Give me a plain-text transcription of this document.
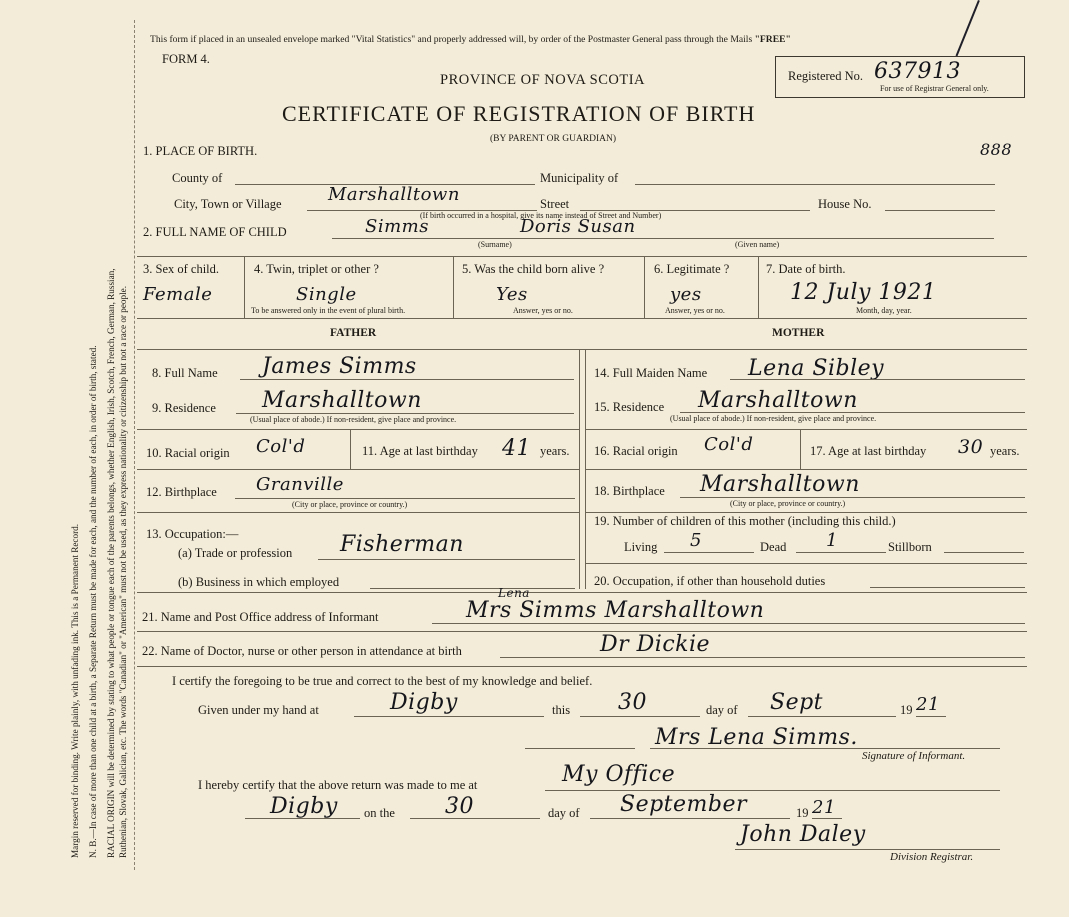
Margin reserved for binding. Write plainly, with unfading ink. This is a Permanent Record. N. B.—In case of more than one child at a birth, a Separate Return must be made for each, and the number of each, in order of birth, stated. RACIAL ORIGIN will be determined by stating to what people or tongue each of the parents belongs, whether English, Irish, Scotch, French, German, Russian, Ruthenian, Slovak, Galician, etc. The words "Canadian" or "American" must not be used, as they express nationality or citizenship but not a race or people.
This form if placed in an unsealed envelope marked "Vital Statistics" and properly addressed will, by order of the Postmaster General pass through the Mails "FREE"
FORM 4.
PROVINCE OF NOVA SCOTIA
CERTIFICATE OF REGISTRATION OF BIRTH
(BY PARENT OR GUARDIAN)
Registered No. 637913
For use of Registrar General only.
888
1. PLACE OF BIRTH.
County of	Municipality of
City, Town or Village	Marshalltown	Street
(If birth occurred in a hospital, give its name instead of Street and Number)
House No.
2. FULL NAME OF CHILD	Simms	Doris Susan
(Surname)	(Given name)
3. Sex of child.
Female
4. Twin, triplet or other ?
Single
To be answered only in the event of plural birth.
5. Was the child born alive ?
Yes
Answer, yes or no.
6. Legitimate ?
yes
Answer, yes or no.
7. Date of birth.
12 July 1921
Month, day, year.
FATHER	MOTHER
8. Full Name James Simms
9. Residence Marshalltown
(Usual place of abode.) If non-resident, give place and province.
10. Racial origin Col'd	11. Age at last birthday 41 years.
12. Birthplace Granville
(City or place, province or country.)
13. Occupation:—
(a) Trade or profession Fisherman
(b) Business in which employed
14. Full Maiden Name Lena Sibley
15. Residence Marshalltown
(Usual place of abode.) If non-resident, give place and province.
16. Racial origin Col'd	17. Age at last birthday 30 years.
18. Birthplace Marshalltown
(City or place, province or country.)
19. Number of children of this mother (including this child.)
Living 5	Dead 1	Stillborn
20. Occupation, if other than household duties
21. Name and Post Office address of Informant
Lena
Mrs Simms Marshalltown
22. Name of Doctor, nurse or other person in attendance at birth	Dr Dickie
I certify the foregoing to be true and correct to the best of my knowledge and belief.
Given under my hand at	Digby	this 30	day of Sept	19 21
Mrs Lena Simms.
Signature of Informant.
I hereby certify that the above return was made to me at	My Office
Digby on the 30	day of September	19 21
John Daley
Division Registrar.
